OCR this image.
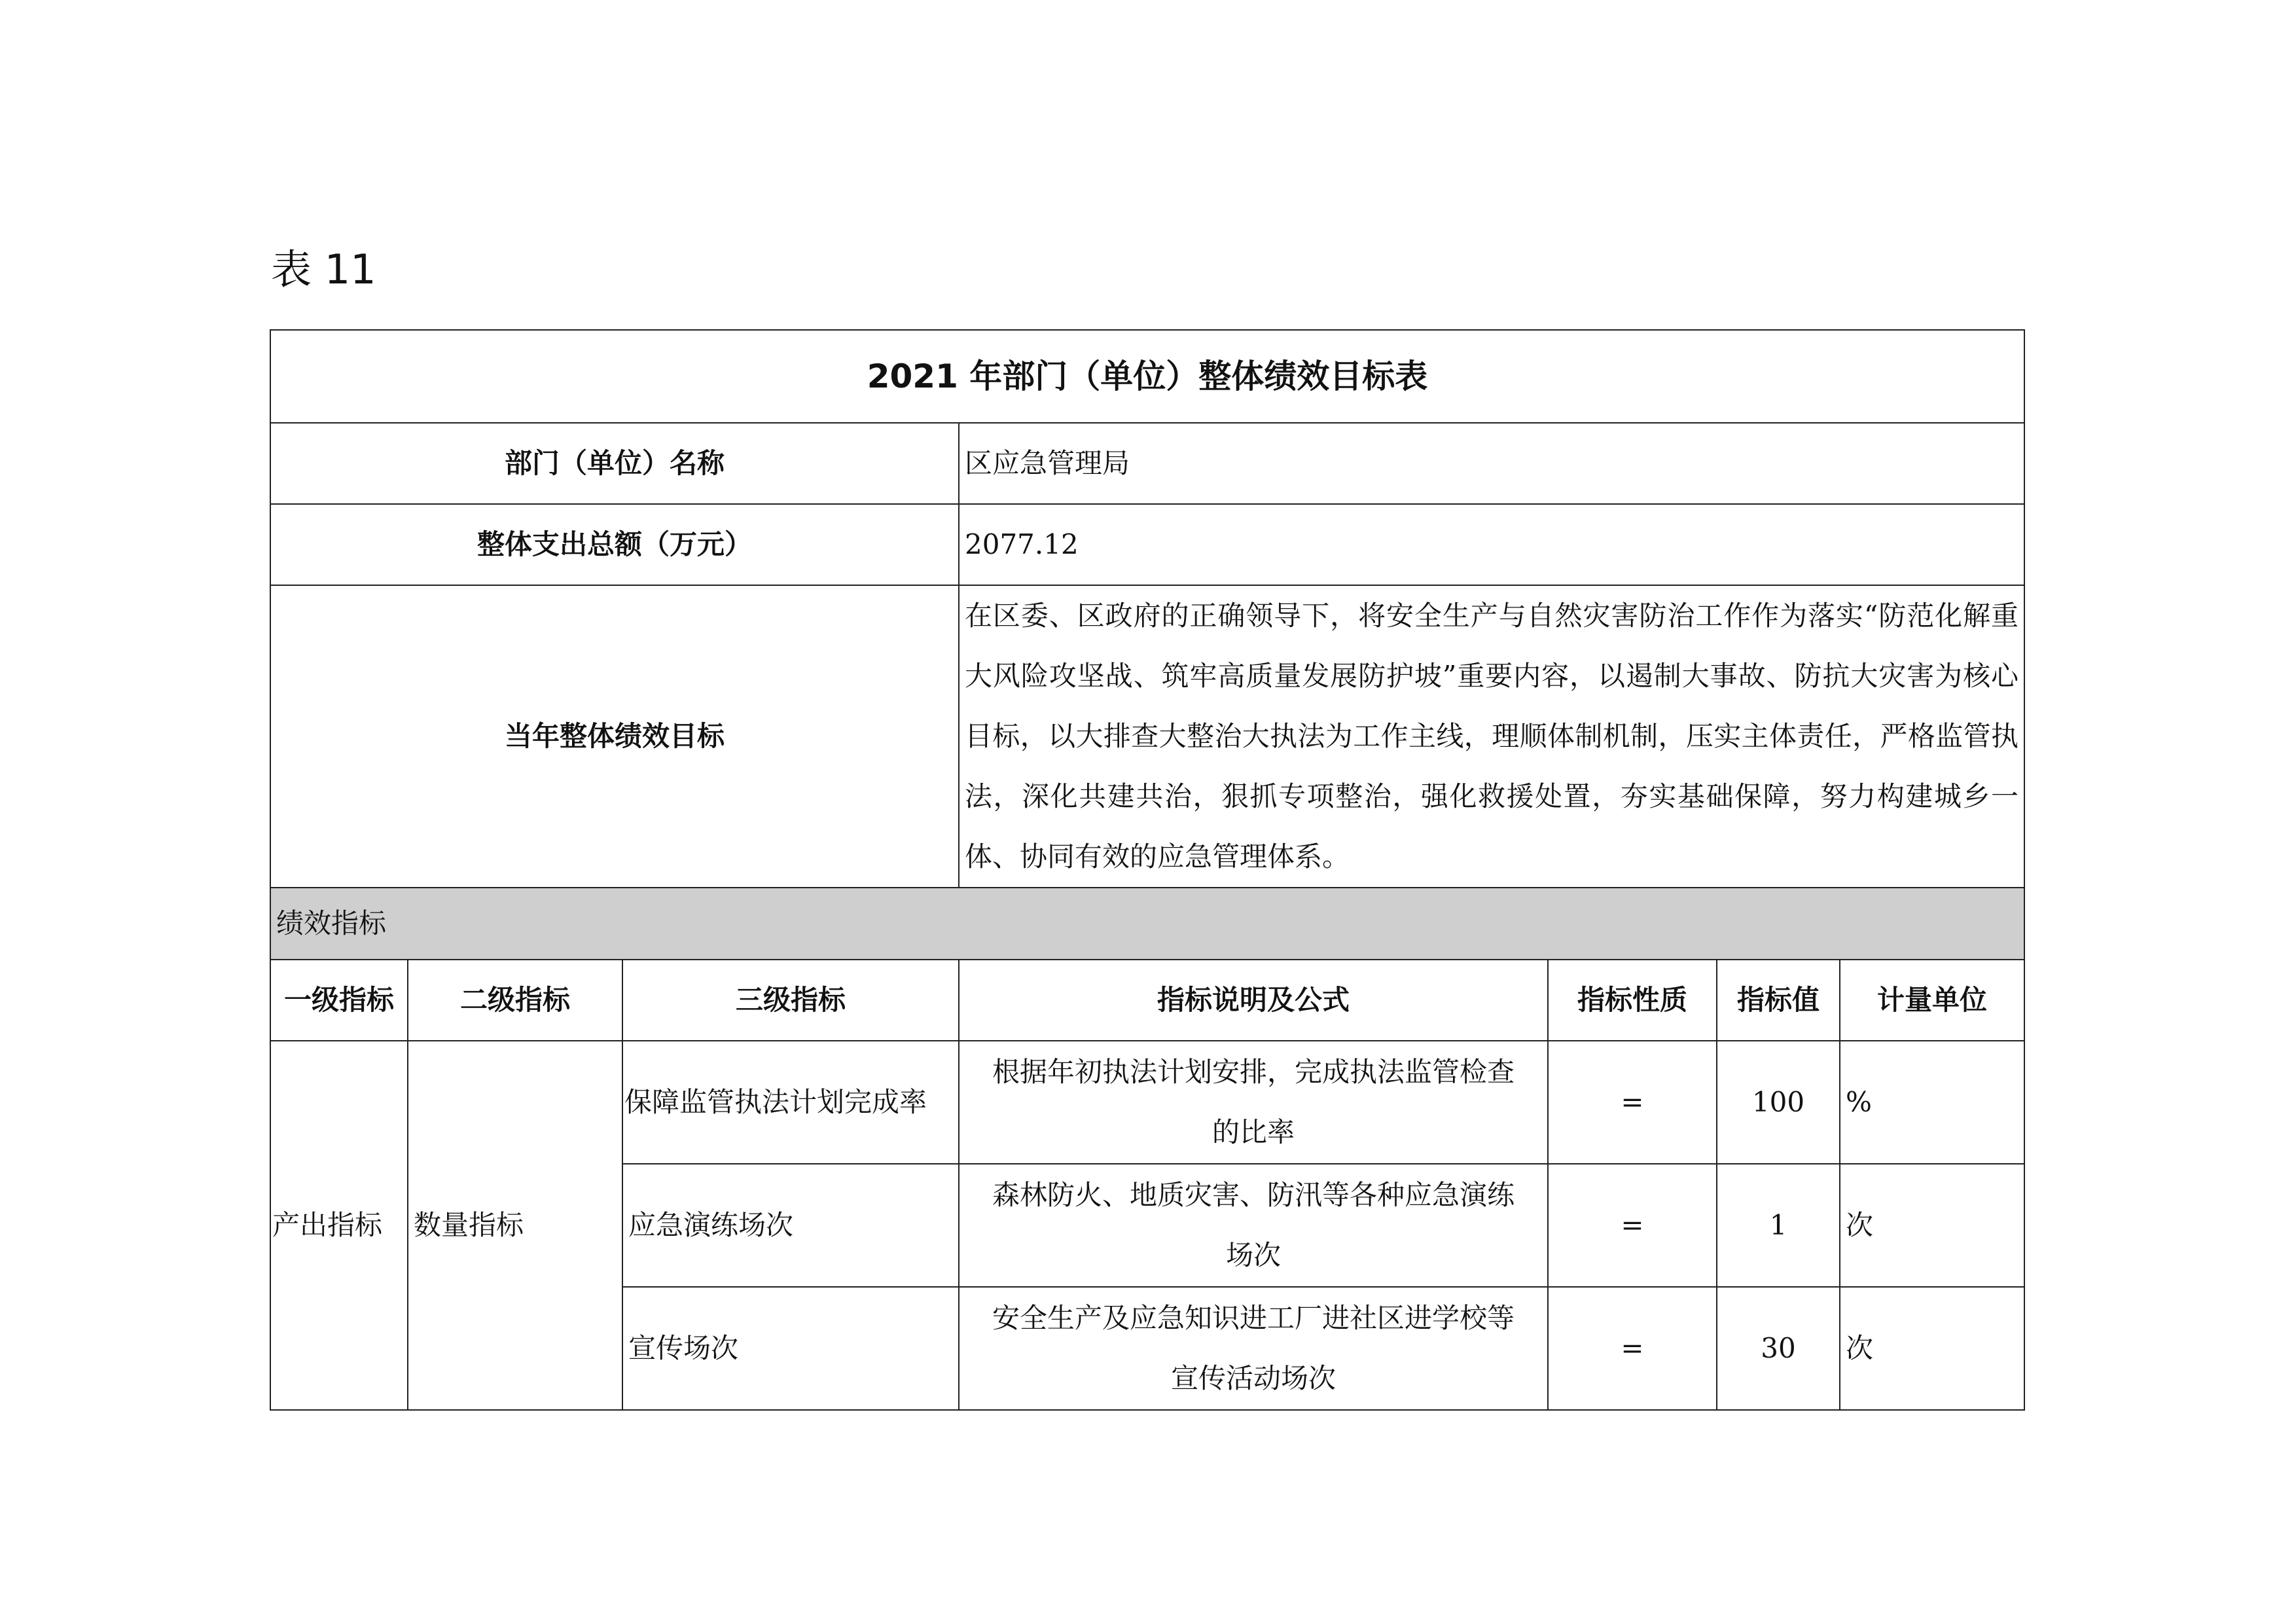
表 11
2021 年部门（单位）整体绩效目标表						
部门（单位）名称			区应急管理局			
整体支出总额（万元）			2077.12			
当年整体绩效目标			在区委、区政府的正确领导下，将安全生产与自然灾害防治工作作为落实“防范化解重大风险攻坚战、筑牢高质量发展防护坡”重要内容，以遏制大事故、防抗大灾害为核心目标，以大排查大整治大执法为工作主线，理顺体制机制，压实主体责任，严格监管执法，深化共建共治，狠抓专项整治，强化救援处置，夯实基础保障，努力构建城乡一体、协同有效的应急管理体系。			
绩效指标						
一级指标	二级指标	三级指标	指标说明及公式	指标性质	指标值	计量单位
产出指标	数量指标	保障监管执法计划完成率	根据年初执法计划安排，完成执法监管检查
的比率	=	100	%
		应急演练场次	森林防火、地质灾害、防汛等各种应急演练
场次	=	1	次
		宣传场次	安全生产及应急知识进工厂进社区进学校等
宣传活动场次	=	30	次
